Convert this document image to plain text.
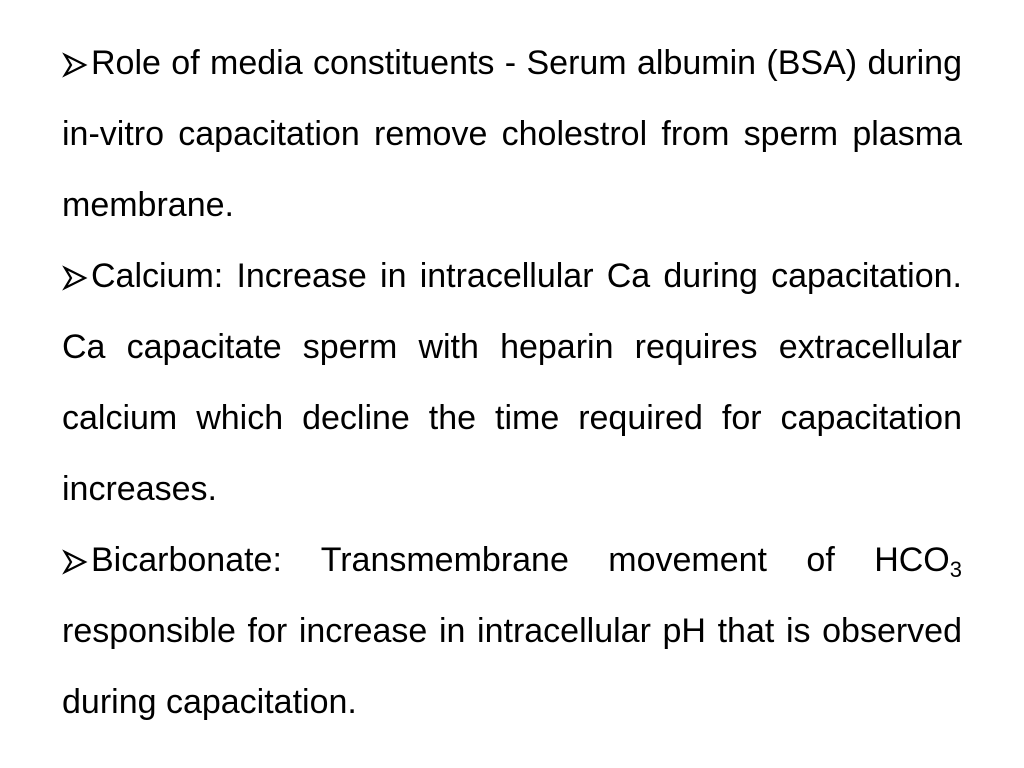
Role of media constituents - Serum albumin (BSA) during in-vitro capacitation remove cholestrol from sperm plasma membrane.

Calcium: Increase in intracellular Ca during capacitation. Ca capacitate sperm with heparin requires extracellular calcium which decline the time required for capacitation increases.

Bicarbonate: Transmembrane movement of $HCO_3$ responsible for increase in intracellular pH that is observed during capacitation.
